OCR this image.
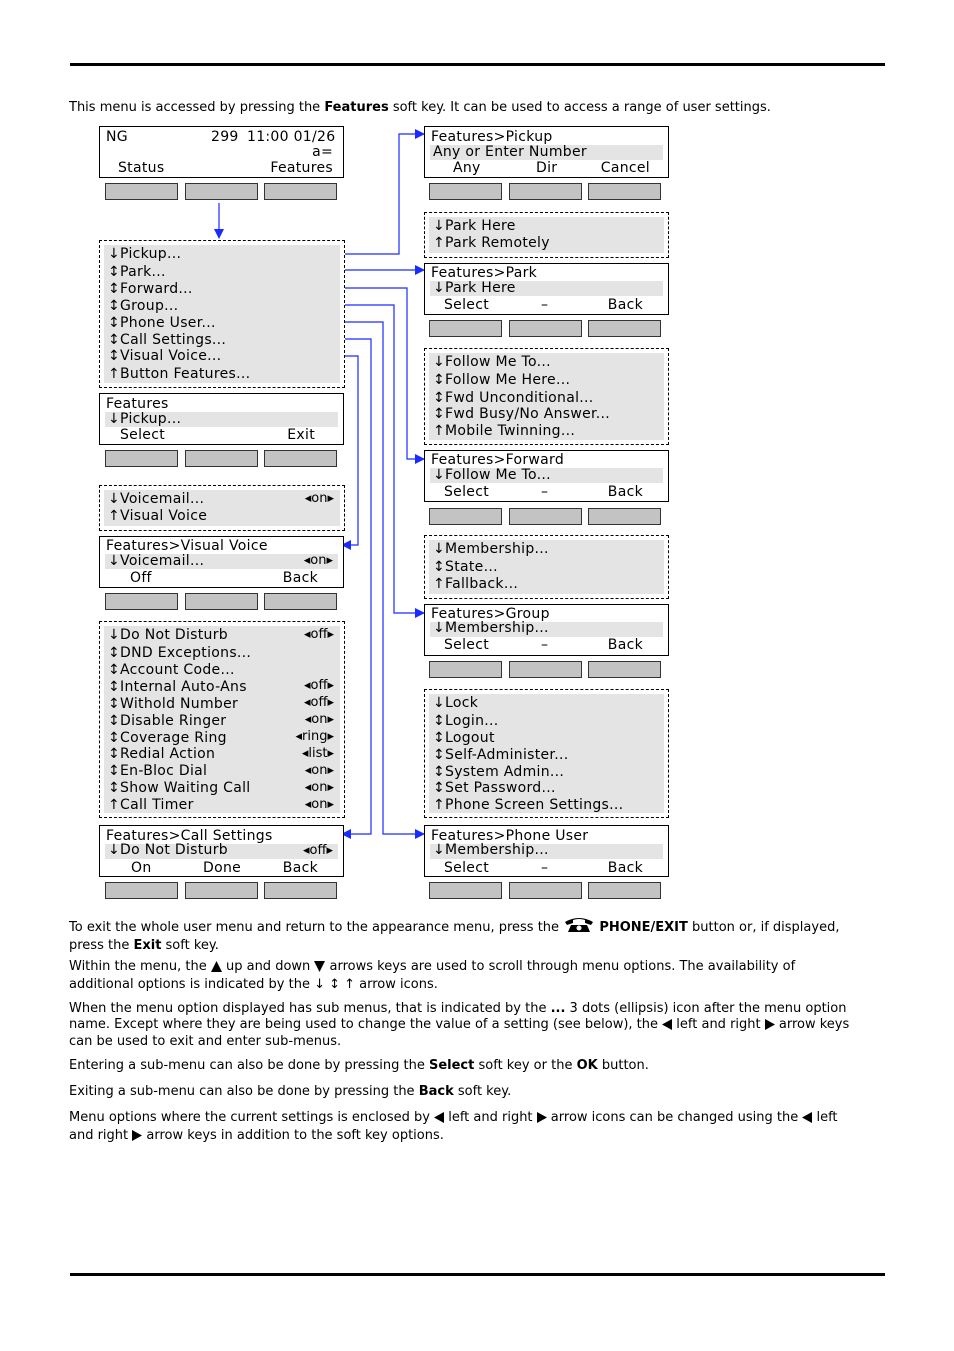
This menu is accessed by pressing the Features soft key. It can be used to access a range of user settings.
NG	299 11:00 01/26
a=
Status	Features
↓Pickup...
↕Park...
↕Forward...
↕Group...
↕Phone User...
↕Call Settings...
↕Visual Voice...
↑Button Features...
Features
↓Pickup...
Select	Exit
↓Voicemail...	◂on▸
↑Visual Voice
Features>Visual Voice
↓Voicemail...	◂on▸
Off	Back
↓Do Not Disturb	◂off▸
↕DND Exceptions...
↕Account Code...
↕Internal Auto-Ans	◂off▸
↕Withold Number	◂off▸
↕Disable Ringer	◂on▸
↕Coverage Ring	◂ring▸
↕Redial Action	◂list▸
↕En-Bloc Dial	◂on▸
↕Show Waiting Call	◂on▸
↑Call Timer	◂on▸
Features>Call Settings
↓Do Not Disturb	◂off▸
On	Done	Back
Features>Pickup
Any or Enter Number
Any	Dir	Cancel
↓Park Here
↑Park Remotely
Features>Park
↓Park Here
Select	–	Back
↓Follow Me To...
↕Follow Me Here...
↕Fwd Unconditional...
↕Fwd Busy/No Answer...
↑Mobile Twinning...
Features>Forward
↓Follow Me To...
Select	–	Back
↓Membership...
↕State...
↑Fallback...
Features>Group
↓Membership...
Select	–	Back
↓Lock
↕Login...
↕Logout
↕Self-Administer...
↕System Admin...
↕Set Password...
↑Phone Screen Settings...
Features>Phone User
↓Membership...
Select	–	Back
To exit the whole user menu and return to the appearance menu, press the	PHONE/EXIT button or, if displayed,
press the Exit soft key.
Within the menu, the  up and down  arrows keys are used to scroll through menu options. The availability of
additional options is indicated by the ↓ ↕ ↑ arrow icons.
When the menu option displayed has sub menus, that is indicated by the ... 3 dots (ellipsis) icon after the menu option
name. Except where they are being used to change the value of a setting (see below), the  left and right  arrow keys
can be used to exit and enter sub-menus.
Entering a sub-menu can also be done by pressing the Select soft key or the OK button.
Exiting a sub-menu can also be done by pressing the Back soft key.
Menu options where the current settings is enclosed by  left and right  arrow icons can be changed using the  left
and right  arrow keys in addition to the soft key options.
